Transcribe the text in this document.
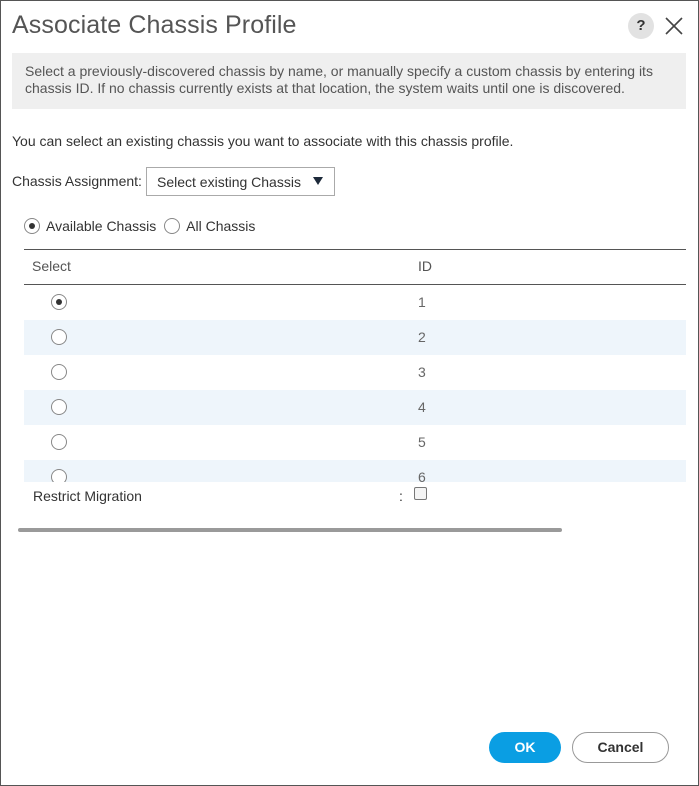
Associate Chassis Profile	?
Select a previously-discovered chassis by name, or manually specify a custom chassis by entering its chassis ID. If no chassis currently exists at that location, the system waits until one is discovered.
You can select an existing chassis you want to associate with this chassis profile.
Chassis Assignment:	Select existing Chassis
Available Chassis
All Chassis
Select	ID
1
2
3
4
5
6
Restrict Migration	:
OK	Cancel
